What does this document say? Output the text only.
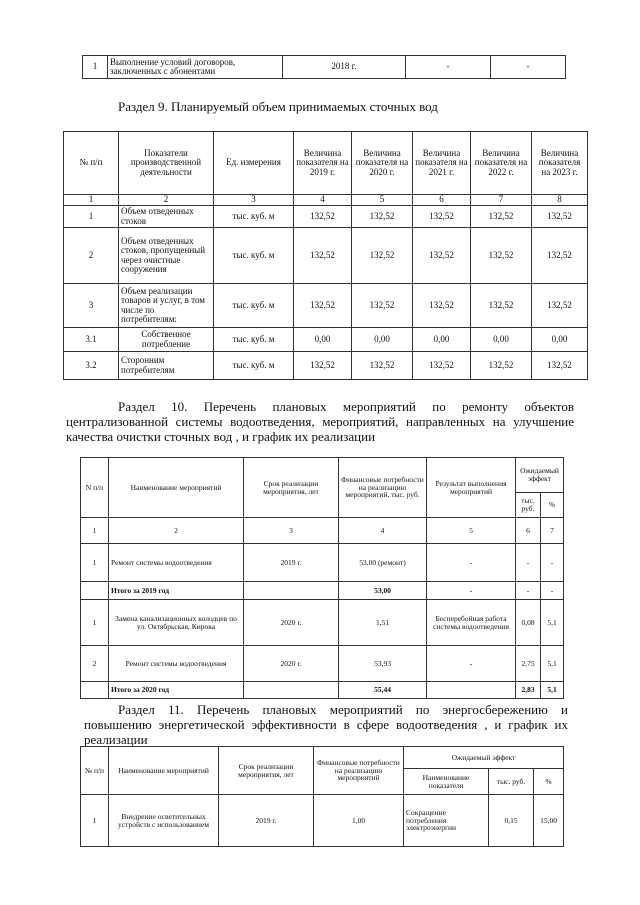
1	Выполнение условий договоров, заключенных с абонентами	2018 г.	-	-

Раздел 9. Планируемый объем принимаемых сточных вод

№ п/п	Показатели производственной деятельности	Ед. измерения	Величина показателя на 2019 г.	Величина показателя на 2020 г.	Величина показателя на 2021 г.	Величина показателя на 2022 г.	Величина показателя на 2023 г.
1	2	3	4	5	6	7	8
1	Объем отведенных стоков	тыс. куб. м	132,52	132,52	132,52	132,52	132,52
2	Объем отведенных стоков, пропущенный через очистные сооружения	тыс. куб. м	132,52	132,52	132,52	132,52	132,52
3	Объем реализации товаров и услуг, в том числе по потребителям:	тыс. куб. м	132,52	132,52	132,52	132,52	132,52
3.1	Собственное потребление	тыс. куб. м	0,00	0,00	0,00	0,00	0,00
3.2	Сторонним потребителям	тыс. куб. м	132,52	132,52	132,52	132,52	132,52

Раздел 10. Перечень плановых мероприятий по ремонту объектов централизованной системы водоотведения, мероприятий, направленных на улучшение качества очистки сточных вод , и график их реализации

N п/п	Наименование мероприятий	Срок реализации мероприятия, лет	Финансовые потребности на реализацию мероприятий, тыс. руб.	Результат выполнения мероприятий	Ожидаемый эффект	
					тыс. руб.	%
1	2	3	4	5	6	7
1	Ремонт системы водоотведения	2019 г.	53,00 (ремонт)	-	-	-
	Итого за 2019 год		53,00	-	-	-
1	Замена канализационных колодцев по ул. Октябрьская, Кирова	2020 г.	1,51	Бесперебойная работа системы водоотведения	0,08	5,1
2	Ремонт системы водоотведения	2020 г.	53,93	-	2,75	5,1
	Итого за 2020 год		55,44		2,83	5,1

Раздел 11. Перечень плановых мероприятий по энергосбережению и повышению энергетической эффективности в сфере водоотведения , и график их реализации

№ п/п	Наименование мероприятий	Срок реализации мероприятия, лет	Финансовые потребности на реализацию мероприятий	Ожидаемый эффект		
				Наименование показателя	тыс. руб.	%
1	Внедрение осветительных устройств с использованием	2019 г.	1,00	Сокращение потребления электроэнергии	0,15	15,00
